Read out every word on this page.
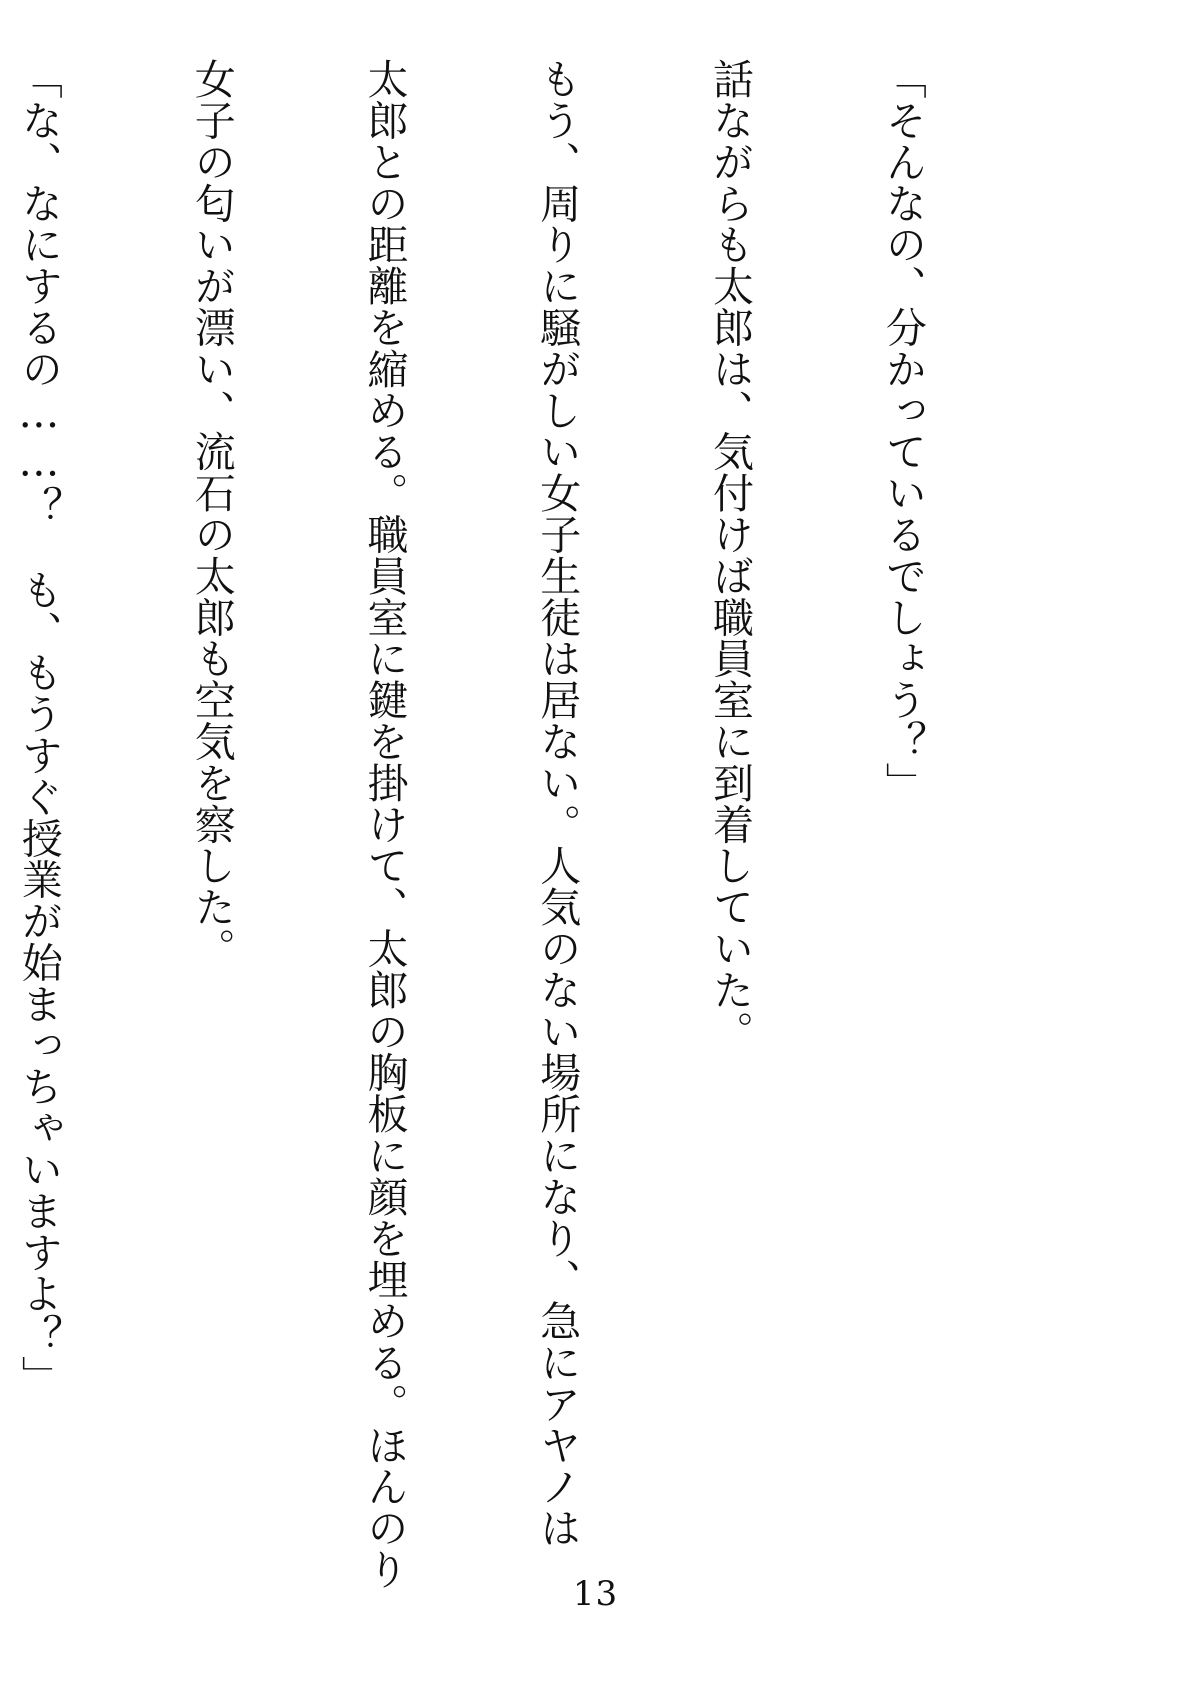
「そんなの、分かっているでしょう？」

話ながらも太郎は、気付けば職員室に到着していた。

もう、周りに騒がしい女子生徒は居ない。人気のない場所になり、急にアヤノは

太郎との距離を縮める。職員室に鍵を掛けて、太郎の胸板に顔を埋める。ほんのり

女子の匂いが漂い、流石の太郎も空気を察した。

「な、なにするの……？　も、もうすぐ授業が始まっちゃいますよ？」

13
